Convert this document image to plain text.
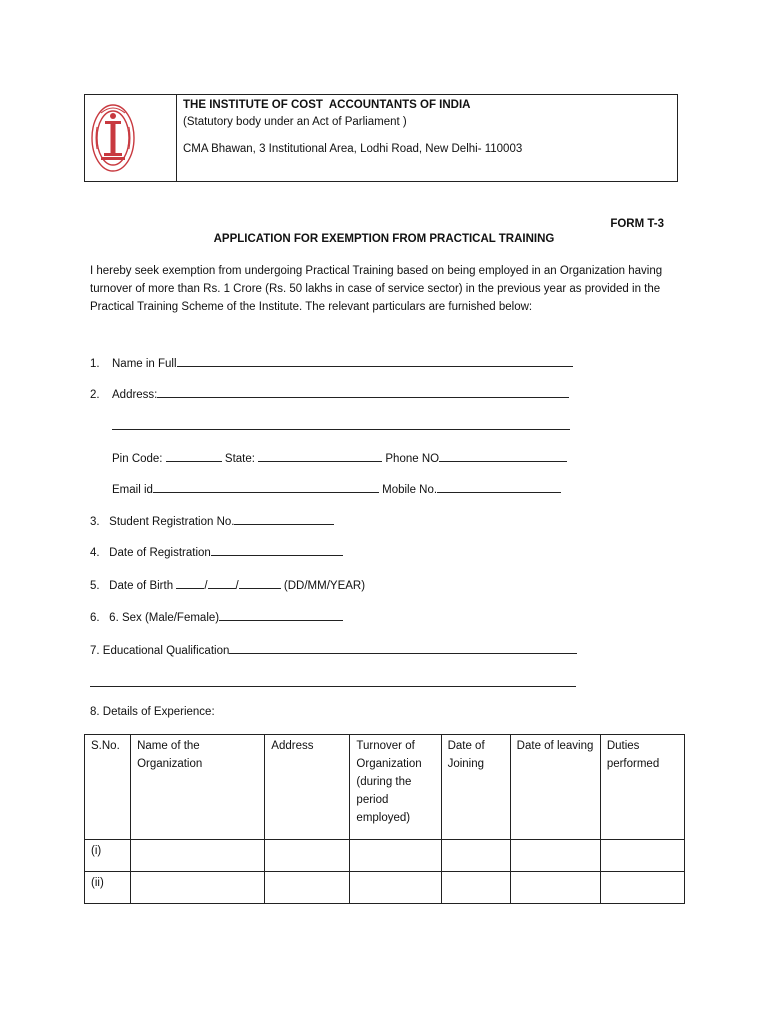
THE INSTITUTE OF COST  ACCOUNTANTS OF INDIA
(Statutory body under an Act of Parliament )
CMA Bhawan, 3 Institutional Area, Lodhi Road, New Delhi- 110003
FORM T-3
APPLICATION FOR EXEMPTION FROM PRACTICAL TRAINING
I hereby seek exemption from undergoing Practical Training based on being employed in an Organization having turnover of more than Rs. 1 Crore (Rs. 50 lakhs in case of service sector) in the previous year as provided in the Practical Training Scheme of the Institute. The relevant particulars are furnished below:
1. Name in Full
2. Address:
Pin Code:	State:	Phone NO
Email id	Mobile No.
3.   Student Registration No.
4.   Date of Registration
5.   Date of Birth	/ /	(DD/MM/YEAR)
6.   6. Sex (Male/Female)
7. Educational Qualification
8. Details of Experience:
S.No.	Name of the Organization	Address	Turnover of Organization (during the period employed)	Date of Joining	Date of leaving	Duties performed
(i)						
(ii)						
